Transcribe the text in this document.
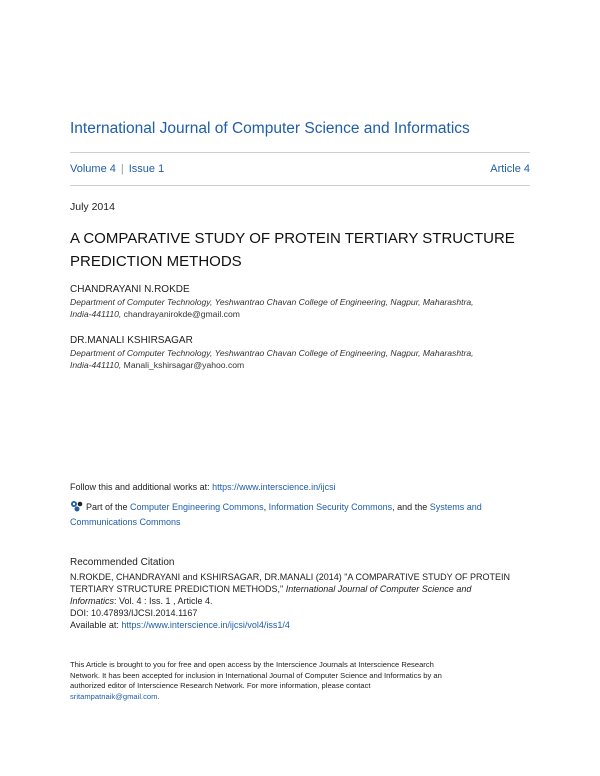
International Journal of Computer Science and Informatics
Volume 4 | Issue 1	Article 4
July 2014
A COMPARATIVE STUDY OF PROTEIN TERTIARY STRUCTURE
PREDICTION METHODS
CHANDRAYANI N.ROKDE
Department of Computer Technology, Yeshwantrao Chavan College of Engineering, Nagpur, Maharashtra,
India-441110, chandrayanirokde@gmail.com
DR.MANALI KSHIRSAGAR
Department of Computer Technology, Yeshwantrao Chavan College of Engineering, Nagpur, Maharashtra,
India-441110, Manali_kshirsagar@yahoo.com
Follow this and additional works at: https://www.interscience.in/ijcsi
Part of the Computer Engineering Commons, Information Security Commons, and the Systems and Communications Commons
Recommended Citation
N.ROKDE, CHANDRAYANI and KSHIRSAGAR, DR.MANALI (2014) "A COMPARATIVE STUDY OF PROTEIN
TERTIARY STRUCTURE PREDICTION METHODS," International Journal of Computer Science and
Informatics: Vol. 4 : Iss. 1 , Article 4.
DOI: 10.47893/IJCSI.2014.1167
Available at: https://www.interscience.in/ijcsi/vol4/iss1/4
This Article is brought to you for free and open access by the Interscience Journals at Interscience Research
Network. It has been accepted for inclusion in International Journal of Computer Science and Informatics by an
authorized editor of Interscience Research Network. For more information, please contact
sritampatnaik@gmail.com.
